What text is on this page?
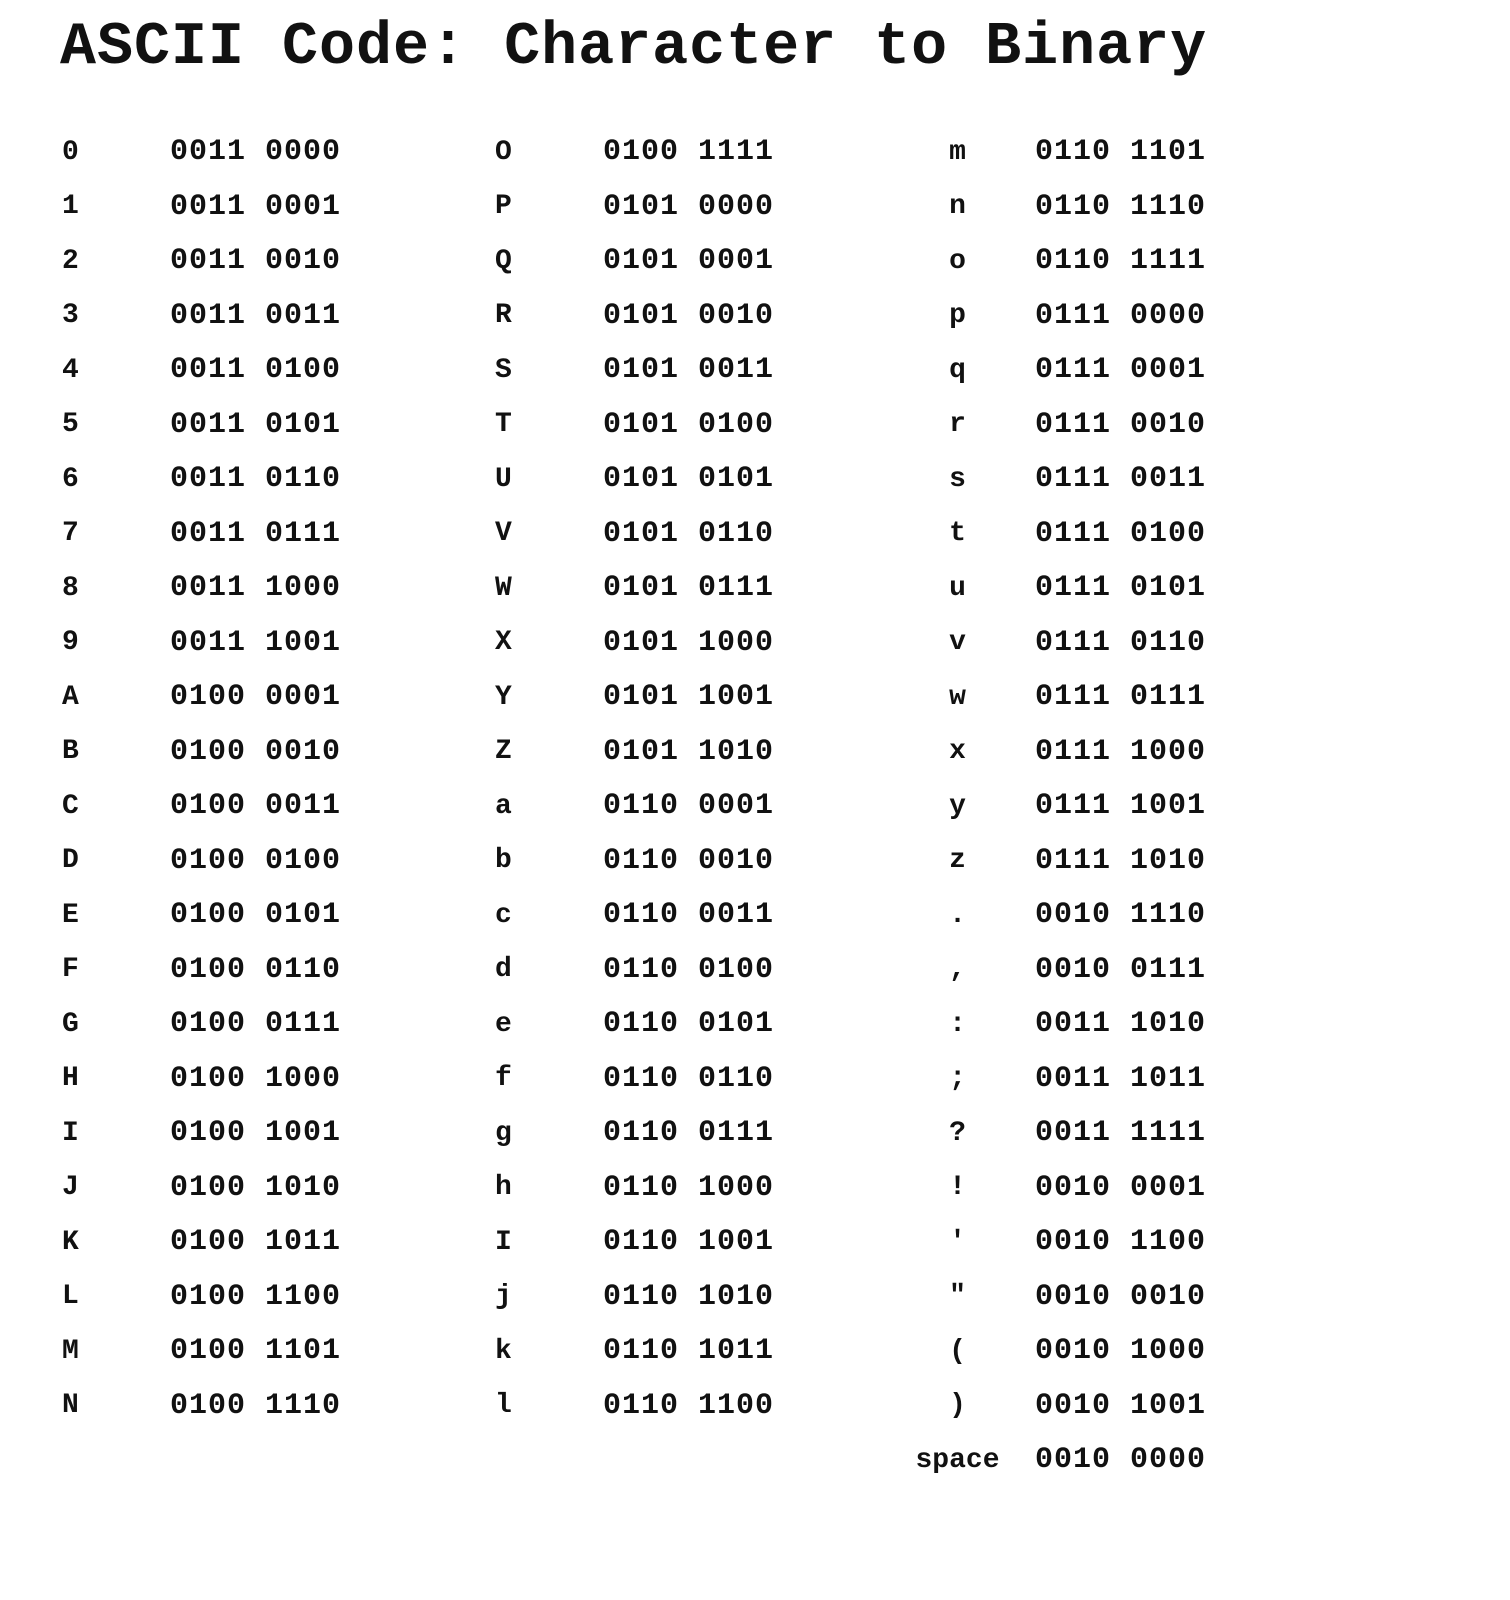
ASCII Code: Character to Binary
0	0011 0000
1	0011 0001
2	0011 0010
3	0011 0011
4	0011 0100
5	0011 0101
6	0011 0110
7	0011 0111
8	0011 1000
9	0011 1001
A	0100 0001
B	0100 0010
C	0100 0011
D	0100 0100
E	0100 0101
F	0100 0110
G	0100 0111
H	0100 1000
I	0100 1001
J	0100 1010
K	0100 1011
L	0100 1100
M	0100 1101
N	0100 1110
O	0100 1111
P	0101 0000
Q	0101 0001
R	0101 0010
S	0101 0011
T	0101 0100
U	0101 0101
V	0101 0110
W	0101 0111
X	0101 1000
Y	0101 1001
Z	0101 1010
a	0110 0001
b	0110 0010
c	0110 0011
d	0110 0100
e	0110 0101
f	0110 0110
g	0110 0111
h	0110 1000
I	0110 1001
j	0110 1010
k	0110 1011
l	0110 1100
m	0110 1101
n	0110 1110
o	0110 1111
p	0111 0000
q	0111 0001
r	0111 0010
s	0111 0011
t	0111 0100
u	0111 0101
v	0111 0110
w	0111 0111
x	0111 1000
y	0111 1001
z	0111 1010
.	0010 1110
,	0010 0111
:	0011 1010
;	0011 1011
?	0011 1111
!	0010 0001
'	0010 1100
"	0010 0010
(	0010 1000
)	0010 1001
space	0010 0000
